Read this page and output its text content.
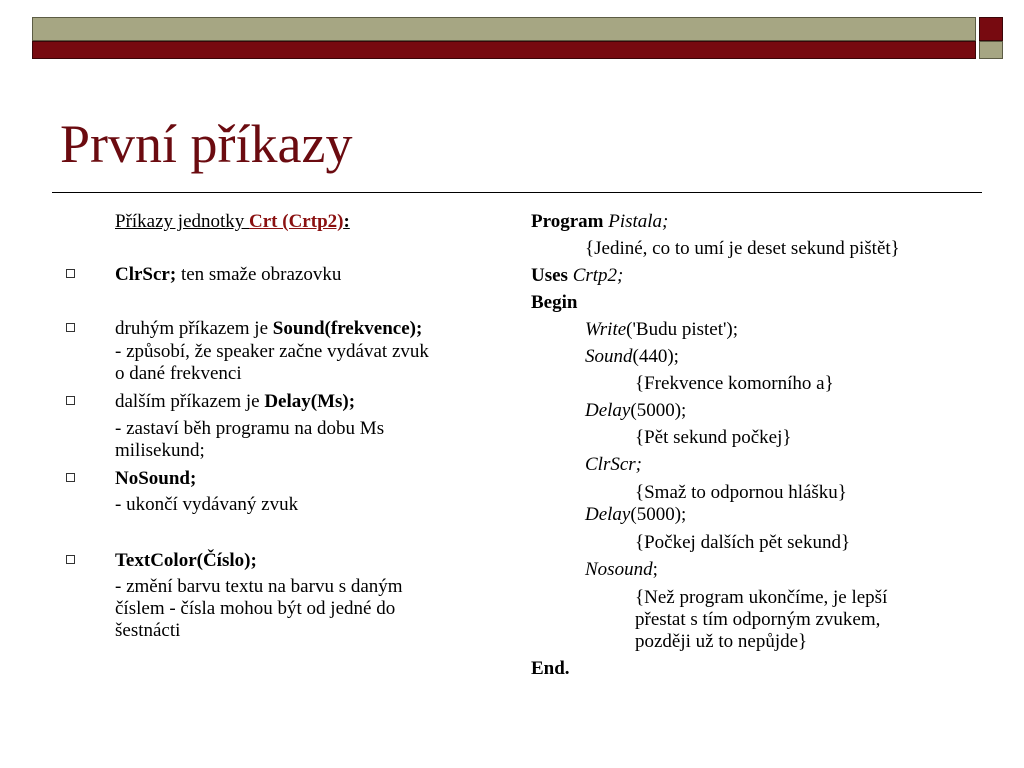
První příkazy
Příkazy jednotky Crt (Crtp2):
ClrScr; ten smaže obrazovku
druhým příkazem je Sound(frekvence);
- způsobí, že speaker začne vydávat zvuk
o dané frekvenci
dalším příkazem je Delay(Ms);
- zastaví běh programu na dobu Ms
milisekund;
NoSound;
- ukončí vydávaný zvuk
TextColor(Číslo);
- změní barvu textu na barvu s daným
číslem - čísla mohou být od jedné do
šestnácti
Program Pistala;
{Jediné, co to umí je deset sekund pištět}
Uses Crtp2;
Begin
Write('Budu pistet');
Sound(440);
{Frekvence komorního a}
Delay(5000);
{Pět sekund počkej}
ClrScr;
{Smaž to odpornou hlášku}
Delay(5000);
{Počkej dalších pět sekund}
Nosound;
{Než program ukončíme, je lepší
přestat s tím odporným zvukem,
později už to nepůjde}
End.
